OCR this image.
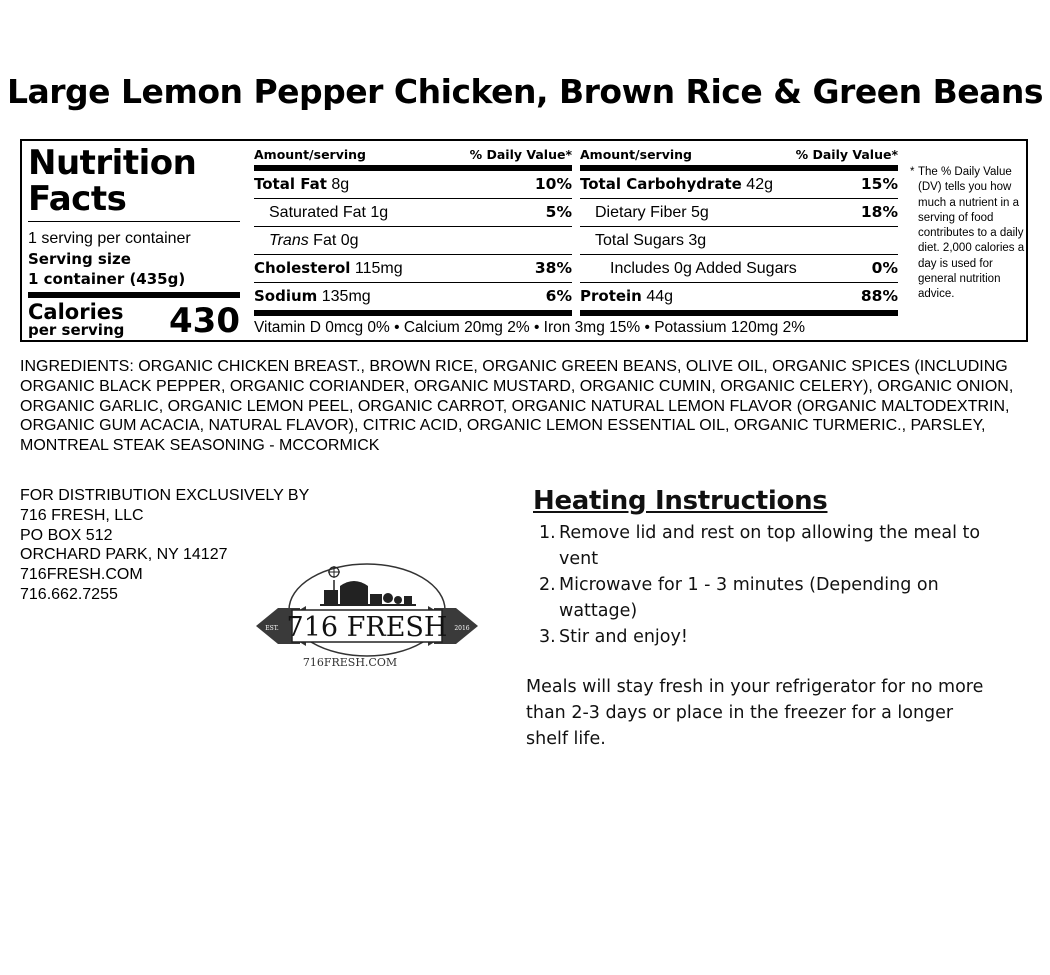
Large Lemon Pepper Chicken, Brown Rice & Green Beans
Nutrition
Facts
1 serving per container
Serving size
1 container (435g)
Calories
per serving 430
Amount/serving	% Daily Value*
Total Fat 8g	10%
Saturated Fat 1g	5%
Trans Fat 0g
Cholesterol 115mg	38%
Sodium 135mg	6%
Amount/serving	% Daily Value*
Total Carbohydrate 42g	15%
Dietary Fiber 5g	18%
Total Sugars 3g
Includes 0g Added Sugars	0%
Protein 44g	88%
Vitamin D 0mcg 0% • Calcium 20mg 2% • Iron 3mg 15% • Potassium 120mg 2%
* The % Daily Value (DV) tells you how much a nutrient in a serving of food contributes to a daily diet. 2,000 calories a day is used for general nutrition advice.
INGREDIENTS: ORGANIC CHICKEN BREAST., BROWN RICE, ORGANIC GREEN BEANS, OLIVE OIL, ORGANIC SPICES (INCLUDING ORGANIC BLACK PEPPER, ORGANIC CORIANDER, ORGANIC MUSTARD, ORGANIC CUMIN, ORGANIC CELERY), ORGANIC ONION, ORGANIC GARLIC, ORGANIC LEMON PEEL, ORGANIC CARROT, ORGANIC NATURAL LEMON FLAVOR (ORGANIC MALTODEXTRIN, ORGANIC GUM ACACIA, NATURAL FLAVOR), CITRIC ACID, ORGANIC LEMON ESSENTIAL OIL, ORGANIC TURMERIC., PARSLEY, MONTREAL STEAK SEASONING - MCCORMICK
FOR DISTRIBUTION EXCLUSIVELY BY
716 FRESH, LLC
PO BOX 512
ORCHARD PARK, NY 14127
716FRESH.COM
716.662.7255
716 FRESH
EST.	2016
716FRESH.COM
Heating Instructions
1. Remove lid and rest on top allowing the meal to vent
2. Microwave for 1 - 3 minutes (Depending on wattage)
3. Stir and enjoy!
Meals will stay fresh in your refrigerator for no more than 2-3 days or place in the freezer for a longer shelf life.
